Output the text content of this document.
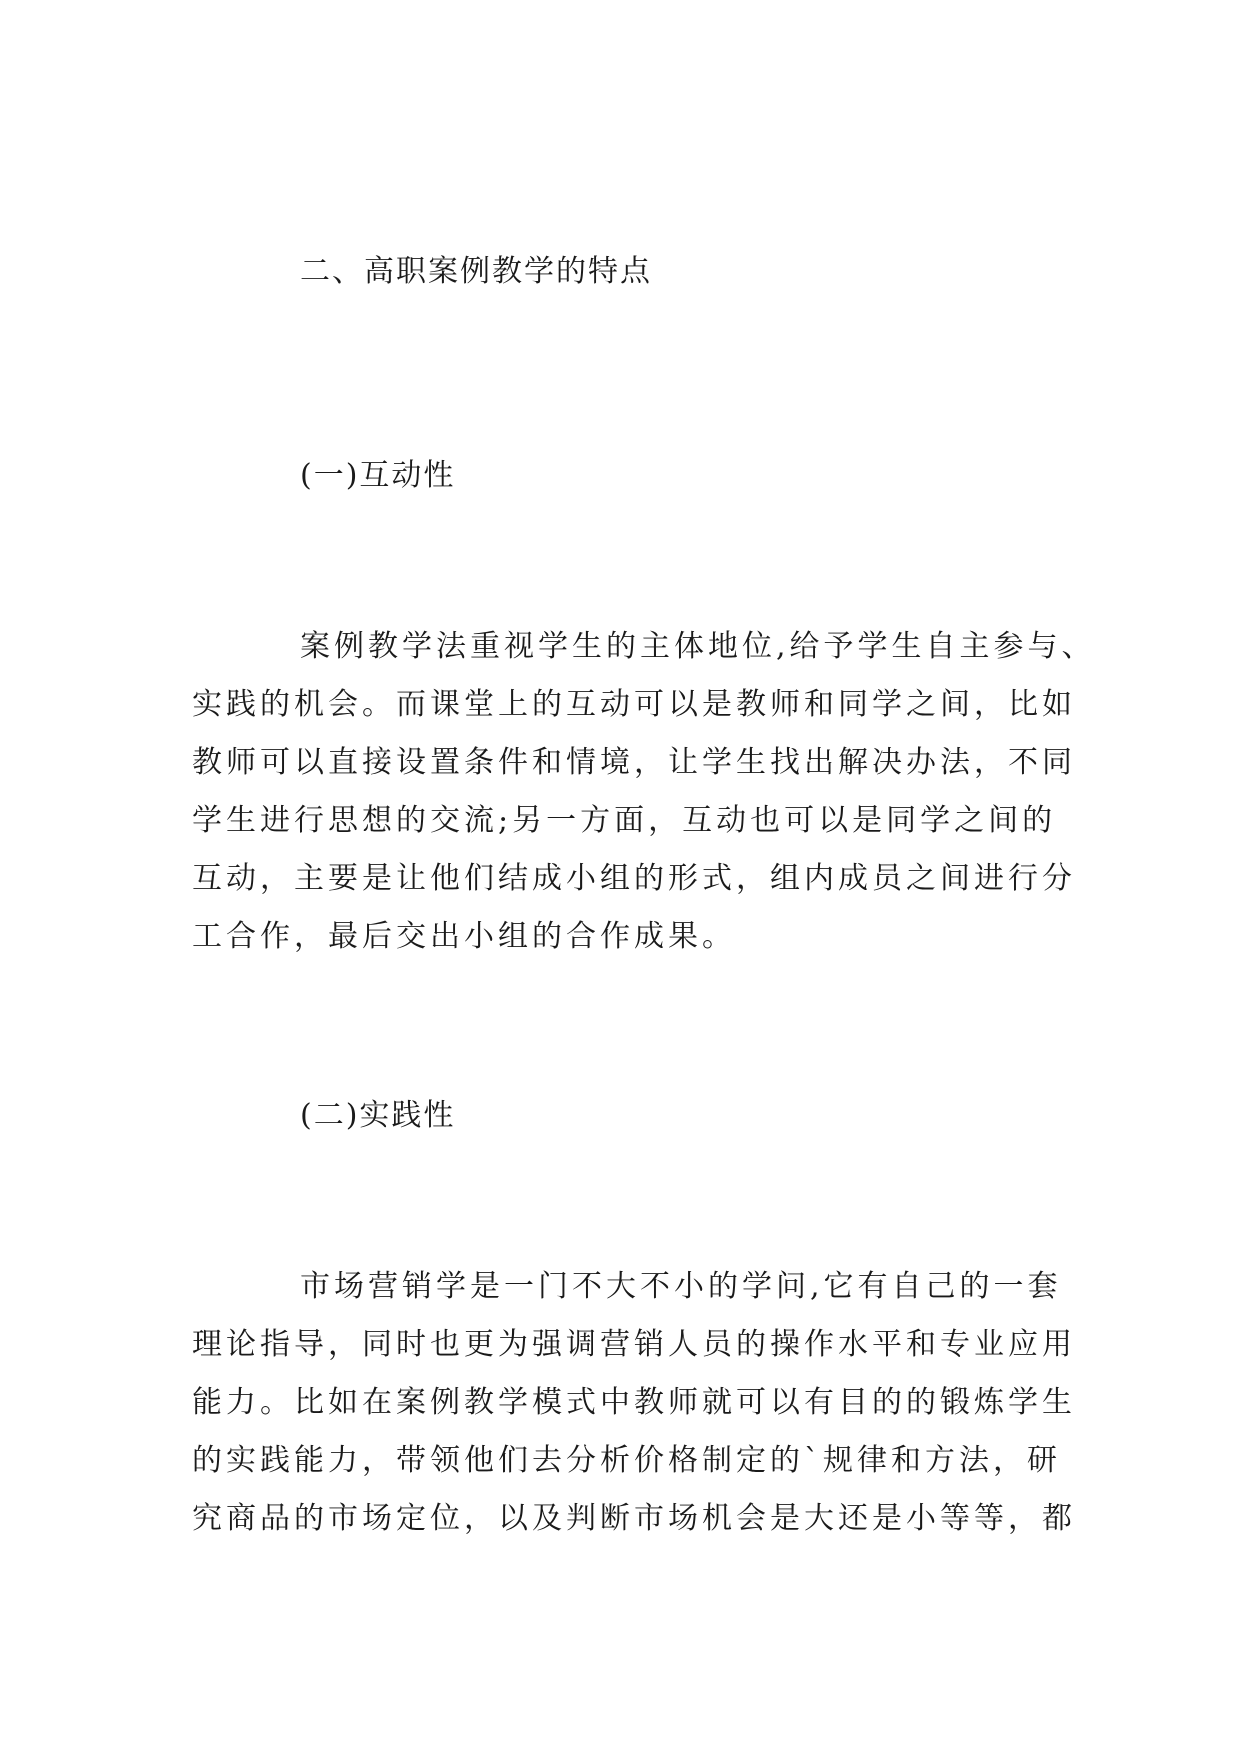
二、高职案例教学的特点
(一)互动性
案例教学法重视学生的主体地位,给予学生自主参与、
实践的机会。而课堂上的互动可以是教师和同学之间，比如
教师可以直接设置条件和情境，让学生找出解决办法，不同
学生进行思想的交流;另一方面，互动也可以是同学之间的
互动，主要是让他们结成小组的形式，组内成员之间进行分
工合作，最后交出小组的合作成果。
(二)实践性
市场营销学是一门不大不小的学问,它有自己的一套
理论指导，同时也更为强调营销人员的操作水平和专业应用
能力。比如在案例教学模式中教师就可以有目的的锻炼学生
的实践能力，带领他们去分析价格制定的`规律和方法，研
究商品的市场定位，以及判断市场机会是大还是小等等，都
